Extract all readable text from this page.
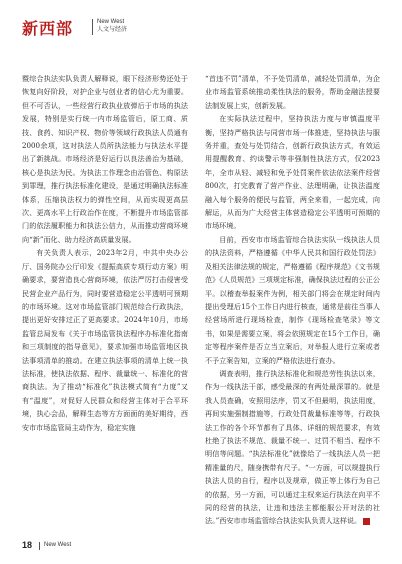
新西部	New West
人文与经济

暨综合执法实队负责人解释说，眼下经济形势还处于恢复向好阶段，对护企业与创业者的信心尤为重要。但不可否认，一些经营行政执业放弹后于市场的执法发展，特别是实行统一内市场监管后，原工商、质技、食药、知识产权、物价等领域行政执法人员通有2000余项，这对执法人员所执法能力与执法水平提出了新挑战。市场经济是好运行以良法善治为基础，核心是执法为民。为执法工作理念由治管色、构原法到罪理，推行执法标准化建设，是通过明确执法标准体系，压缩执法权力的弹性空间，从而实现更高层次、更高水平上行政治作在度，不断提升市场监管部门的依法履职能力和执法公信力，从而推动营商环境向“新”而化、助力经济高质量发展。

有关负责人表示，2023年2月，中共中央办公厅、国务院办公厅印发《提振高质专项行动方案》明确要求，要营造良心营商环境，依法严厉打击侵害受民营企业产品行为，同时要营造稳定公平透明可预期的市场环境。这对市场监管部门规范综合行政执法，提出更好安排过正了更高要求。2024年10月，市场监管总局发布《关于市场监管执法程序办标准化指南和三项制度的指导意见》，要求加强市场监管地区执法事项清单的推动。在建立执法事项的清单上统一执法标准，使执法依据、程序、裁量统一、标准化的营商执法。为了推动“标准化”执法模式简有“力度”又有“温度”，对促好人民群众和经营主体对于合平环境，执心会品，解释生态等方方面面的美好期待，西安市市场监管局主动作为，稳定实施

“首违不罚”清单，不予处罚清单，减轻处罚清单，为企业市场监管系统推动柔性执法的服务，帮助金融法授要法制发展上实，创新发展。

在实际执法过程中，坚持执法力度与审慎温度平衡，坚持严格执法与同营市场一体推进，坚持执法与服务并重，查处与处罚结合，创新行政执法方式，有效运用提醒教育、约谈警示等非强制性执法方式，仅2023年，全市从轻、减轻和免予处罚案件依法依法案件经营800次，打完教育了营产作业、法理明确，让执法温度融入每个服务的便民与监管，两全来看，一起完成，向解运，从而为广大经营主体营造稳定公平透明可预期的市场环境。

目前，西安市市场监管综合执法实队一线执法人员的执法资料，严格遵循《中华人民共和国行政处罚法》及相关法律法规的规定，严格遵循《程序规范》《文书规范》《人员规范》三项规定标准，确保执法过程的公正公平。以稽查举报案件为例，相关部门将会在规定时间内提出受理后15个工作日内进行核查，通常是前往当事人经营场所进行现场检查，制作《现场检查笔录》等文书，如果是需要立案，将会依照规定在15个工作日，确定等程序案件是否立当立案后，对举报人进行立案或者不予立案告知，立案的严格依法进行查办。

调查表明，推行执法标准化和规范劳性执法以来，作为一线执法干部，感受最深的有两处最深罪的。就是我人员查确，安照用法序，罚又不但最明，执法用度，再间实施强制措施等，行政处罚裁量标准等等，行政执法工作的各个环节都有了具体、详细的规范要求，有效杜绝了执法不规范、裁量不统一、过罚不相当、程序不明信等问题。“执法标准化”就像给了一线执法人员一把精准量的尺，随身携带有尺子。“一方面，可以规提执行执法人员的自行，程序以及规章，做正等上体行为自己的依据，另一方面，可以通过主权来运行执法在向平不同的经营的执法，让违和违法主都能服公开对法的社法。”西安市市场监管综合执法实队负责人这样说。

18 New West
